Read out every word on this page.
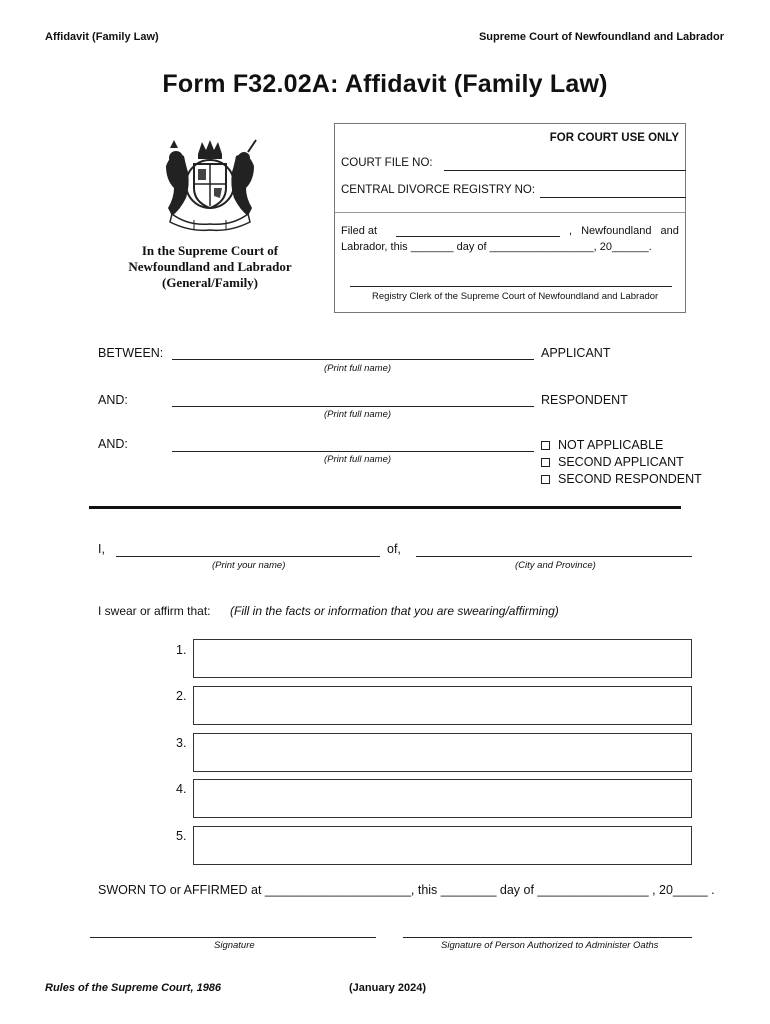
Affidavit (Family Law)	Supreme Court of Newfoundland and Labrador
Form F32.02A: Affidavit (Family Law)
In the Supreme Court of
Newfoundland and Labrador
(General/Family)
FOR COURT USE ONLY
COURT FILE NO:
CENTRAL DIVORCE REGISTRY NO:
Filed at	, Newfoundland and
Labrador, this _______ day of _________________, 20______.
Registry Clerk of the Supreme Court of Newfoundland and Labrador
BETWEEN:
(Print full name)
APPLICANT
AND:
(Print full name)
RESPONDENT
AND:
(Print full name)
NOT APPLICABLE
SECOND APPLICANT
SECOND RESPONDENT
I,
(Print your name)
of,
(City and Province)
I swear or affirm that: (Fill in the facts or information that you are swearing/affirming)
1.
2.
3.
4.
5.
SWORN TO or AFFIRMED at _____________________, this ________ day of ________________ , 20_____ .
Signature	Signature of Person Authorized to Administer Oaths
Rules of the Supreme Court, 1986	(January 2024)
